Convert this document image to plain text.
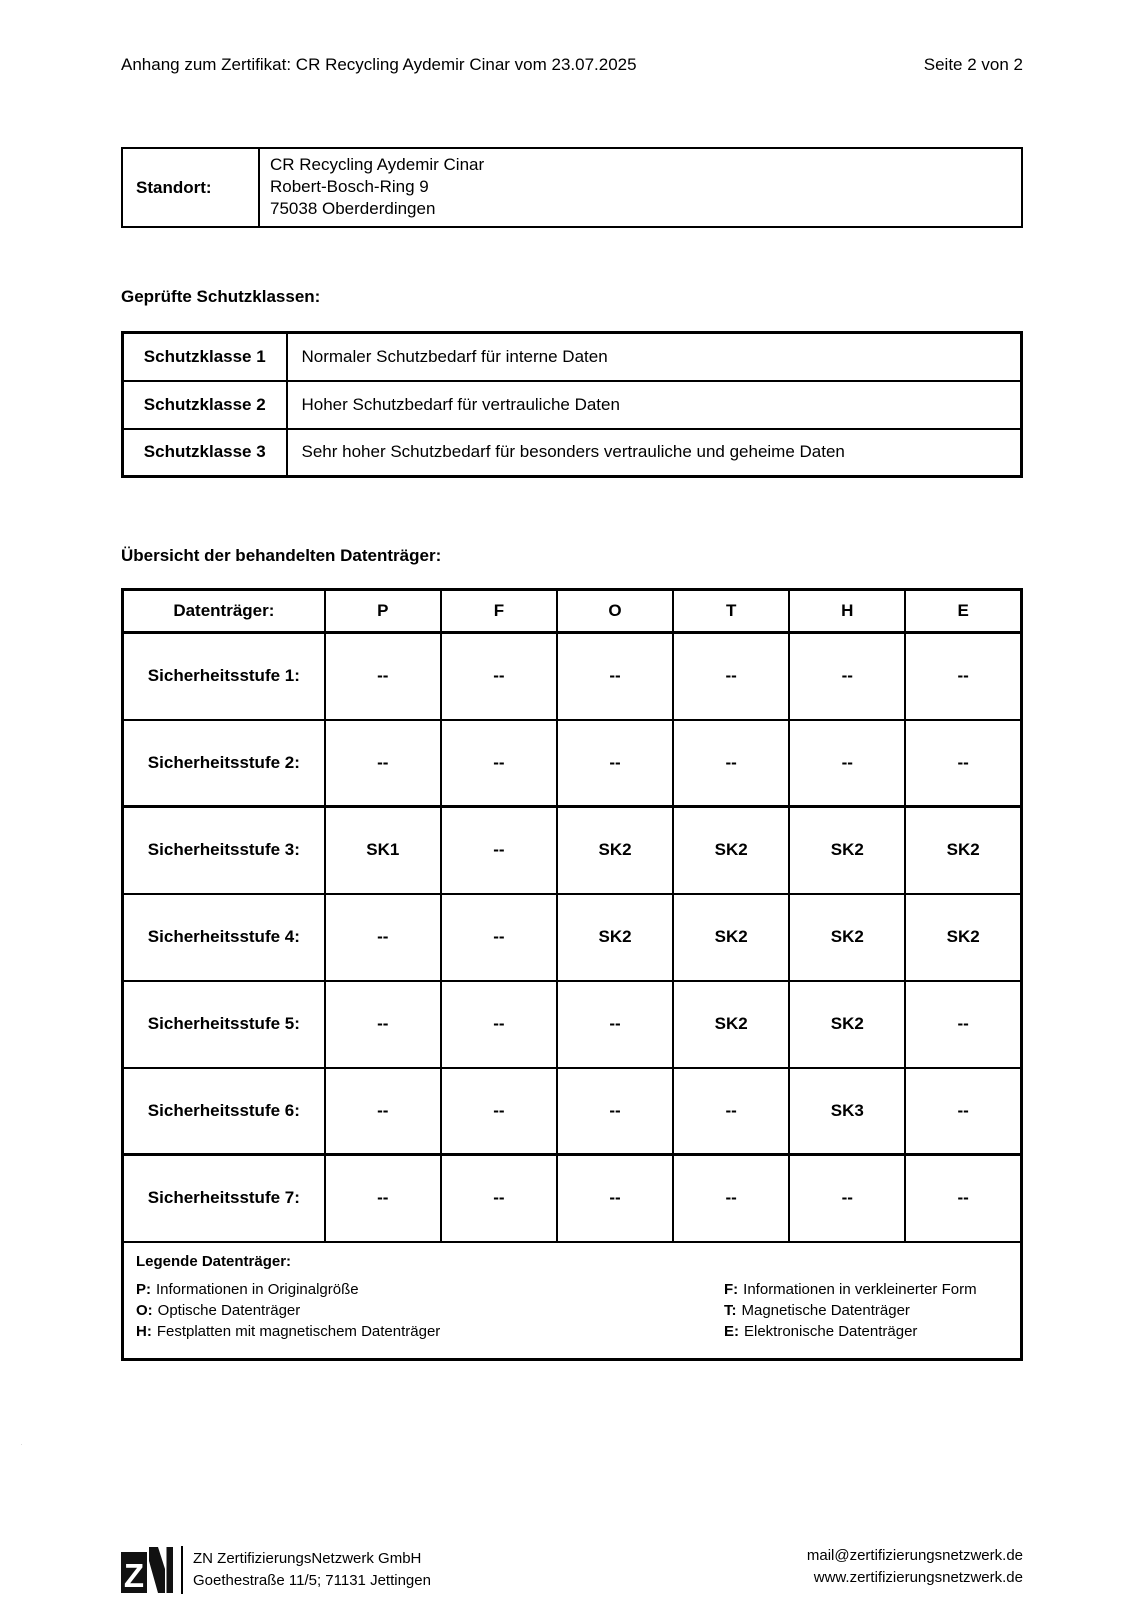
Anhang zum Zertifikat: CR Recycling Aydemir Cinar vom 23.07.2025	Seite 2 von 2
Standort:	
CR Recycling Aydemir Cinar
Robert-Bosch-Ring 9
75038 Oberderdingen
Geprüfte Schutzklassen:
Schutzklasse 1	Normaler Schutzbedarf für interne Daten
Schutzklasse 2	Hoher Schutzbedarf für vertrauliche Daten
Schutzklasse 3	Sehr hoher Schutzbedarf für besonders vertrauliche und geheime Daten
Übersicht der behandelten Datenträger:
Datenträger:	P	F	O	T	H	E
Sicherheitsstufe 1:	--	--	--	--	--	--
Sicherheitsstufe 2:	--	--	--	--	--	--
Sicherheitsstufe 3:	SK1	--	SK2	SK2	SK2	SK2
Sicherheitsstufe 4:	--	--	SK2	SK2	SK2	SK2
Sicherheitsstufe 5:	--	--	--	SK2	SK2	--
Sicherheitsstufe 6:	--	--	--	--	SK3	--
Sicherheitsstufe 7:	--	--	--	--	--	--

Legende Datenträger:
P: Informationen in Originalgröße	F: Informationen in verkleinerter Form
O: Optische Datenträger	T: Magnetische Datenträger
H: Festplatten mit magnetischem Datenträger	E: Elektronische Datenträger
Z
N
ZN ZertifizierungsNetzwerk GmbH
Goethestraße 11/5; 71131 Jettingen
mail@zertifizierungsnetzwerk.de
www.zertifizierungsnetzwerk.de
